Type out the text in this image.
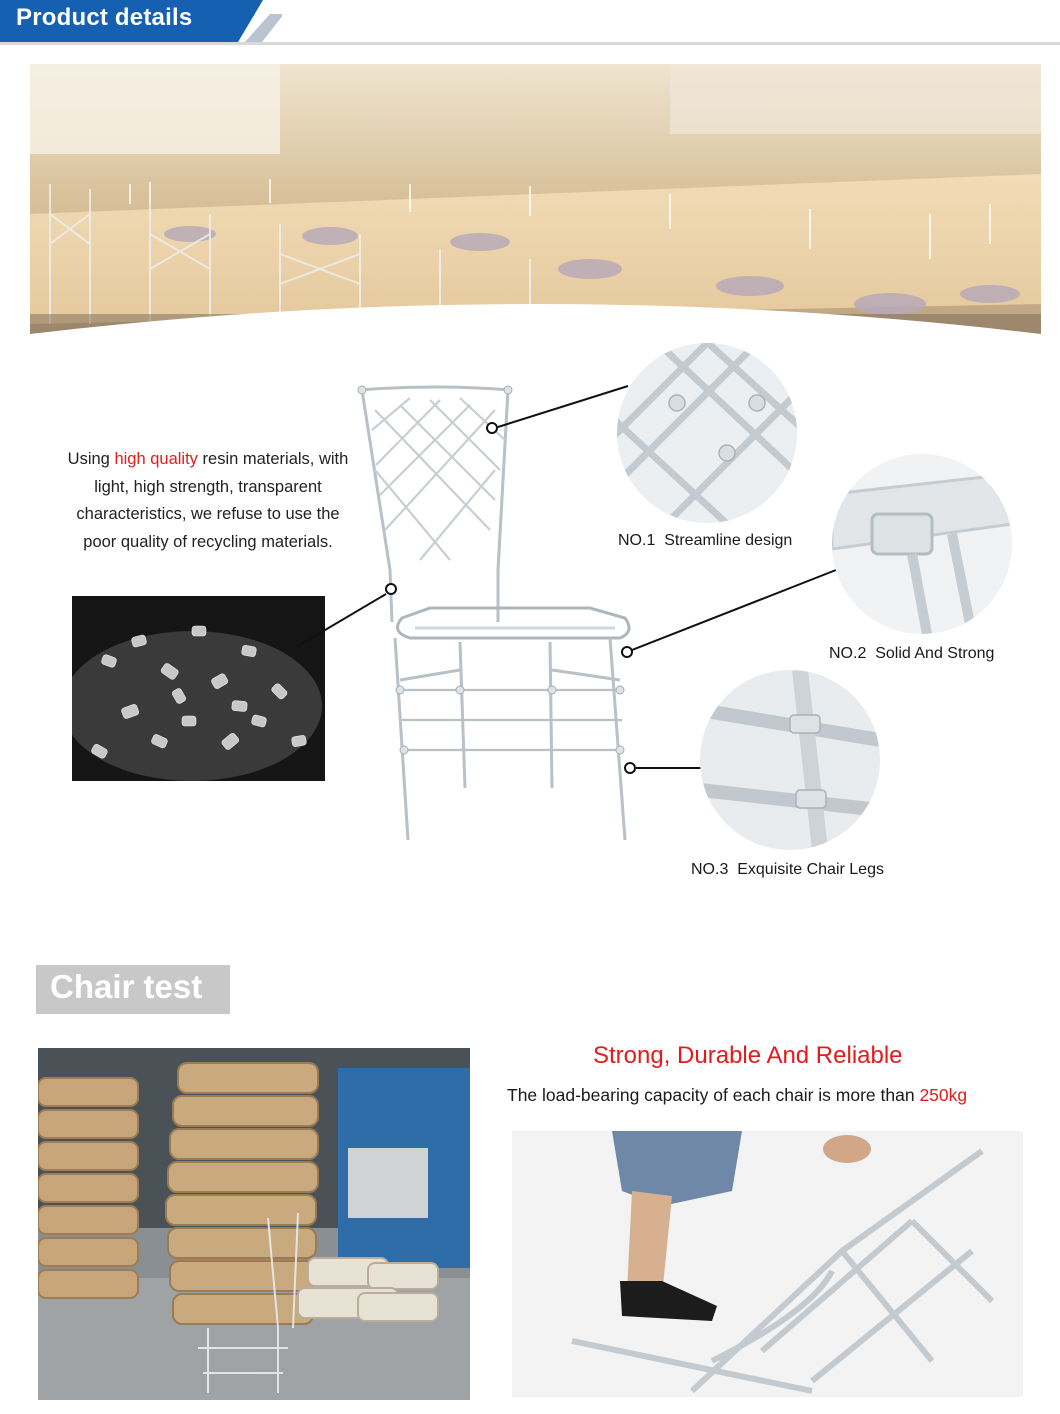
Product details
Using high quality resin materials, with light, high strength, transparent characteristics, we refuse to use the poor quality of recycling materials.	NO.1  Streamline design
NO.2  Solid And Strong
NO.3  Exquisite Chair Legs
Chair test
Strong, Durable And Reliable
The load-bearing capacity of each chair is more than 250kg
